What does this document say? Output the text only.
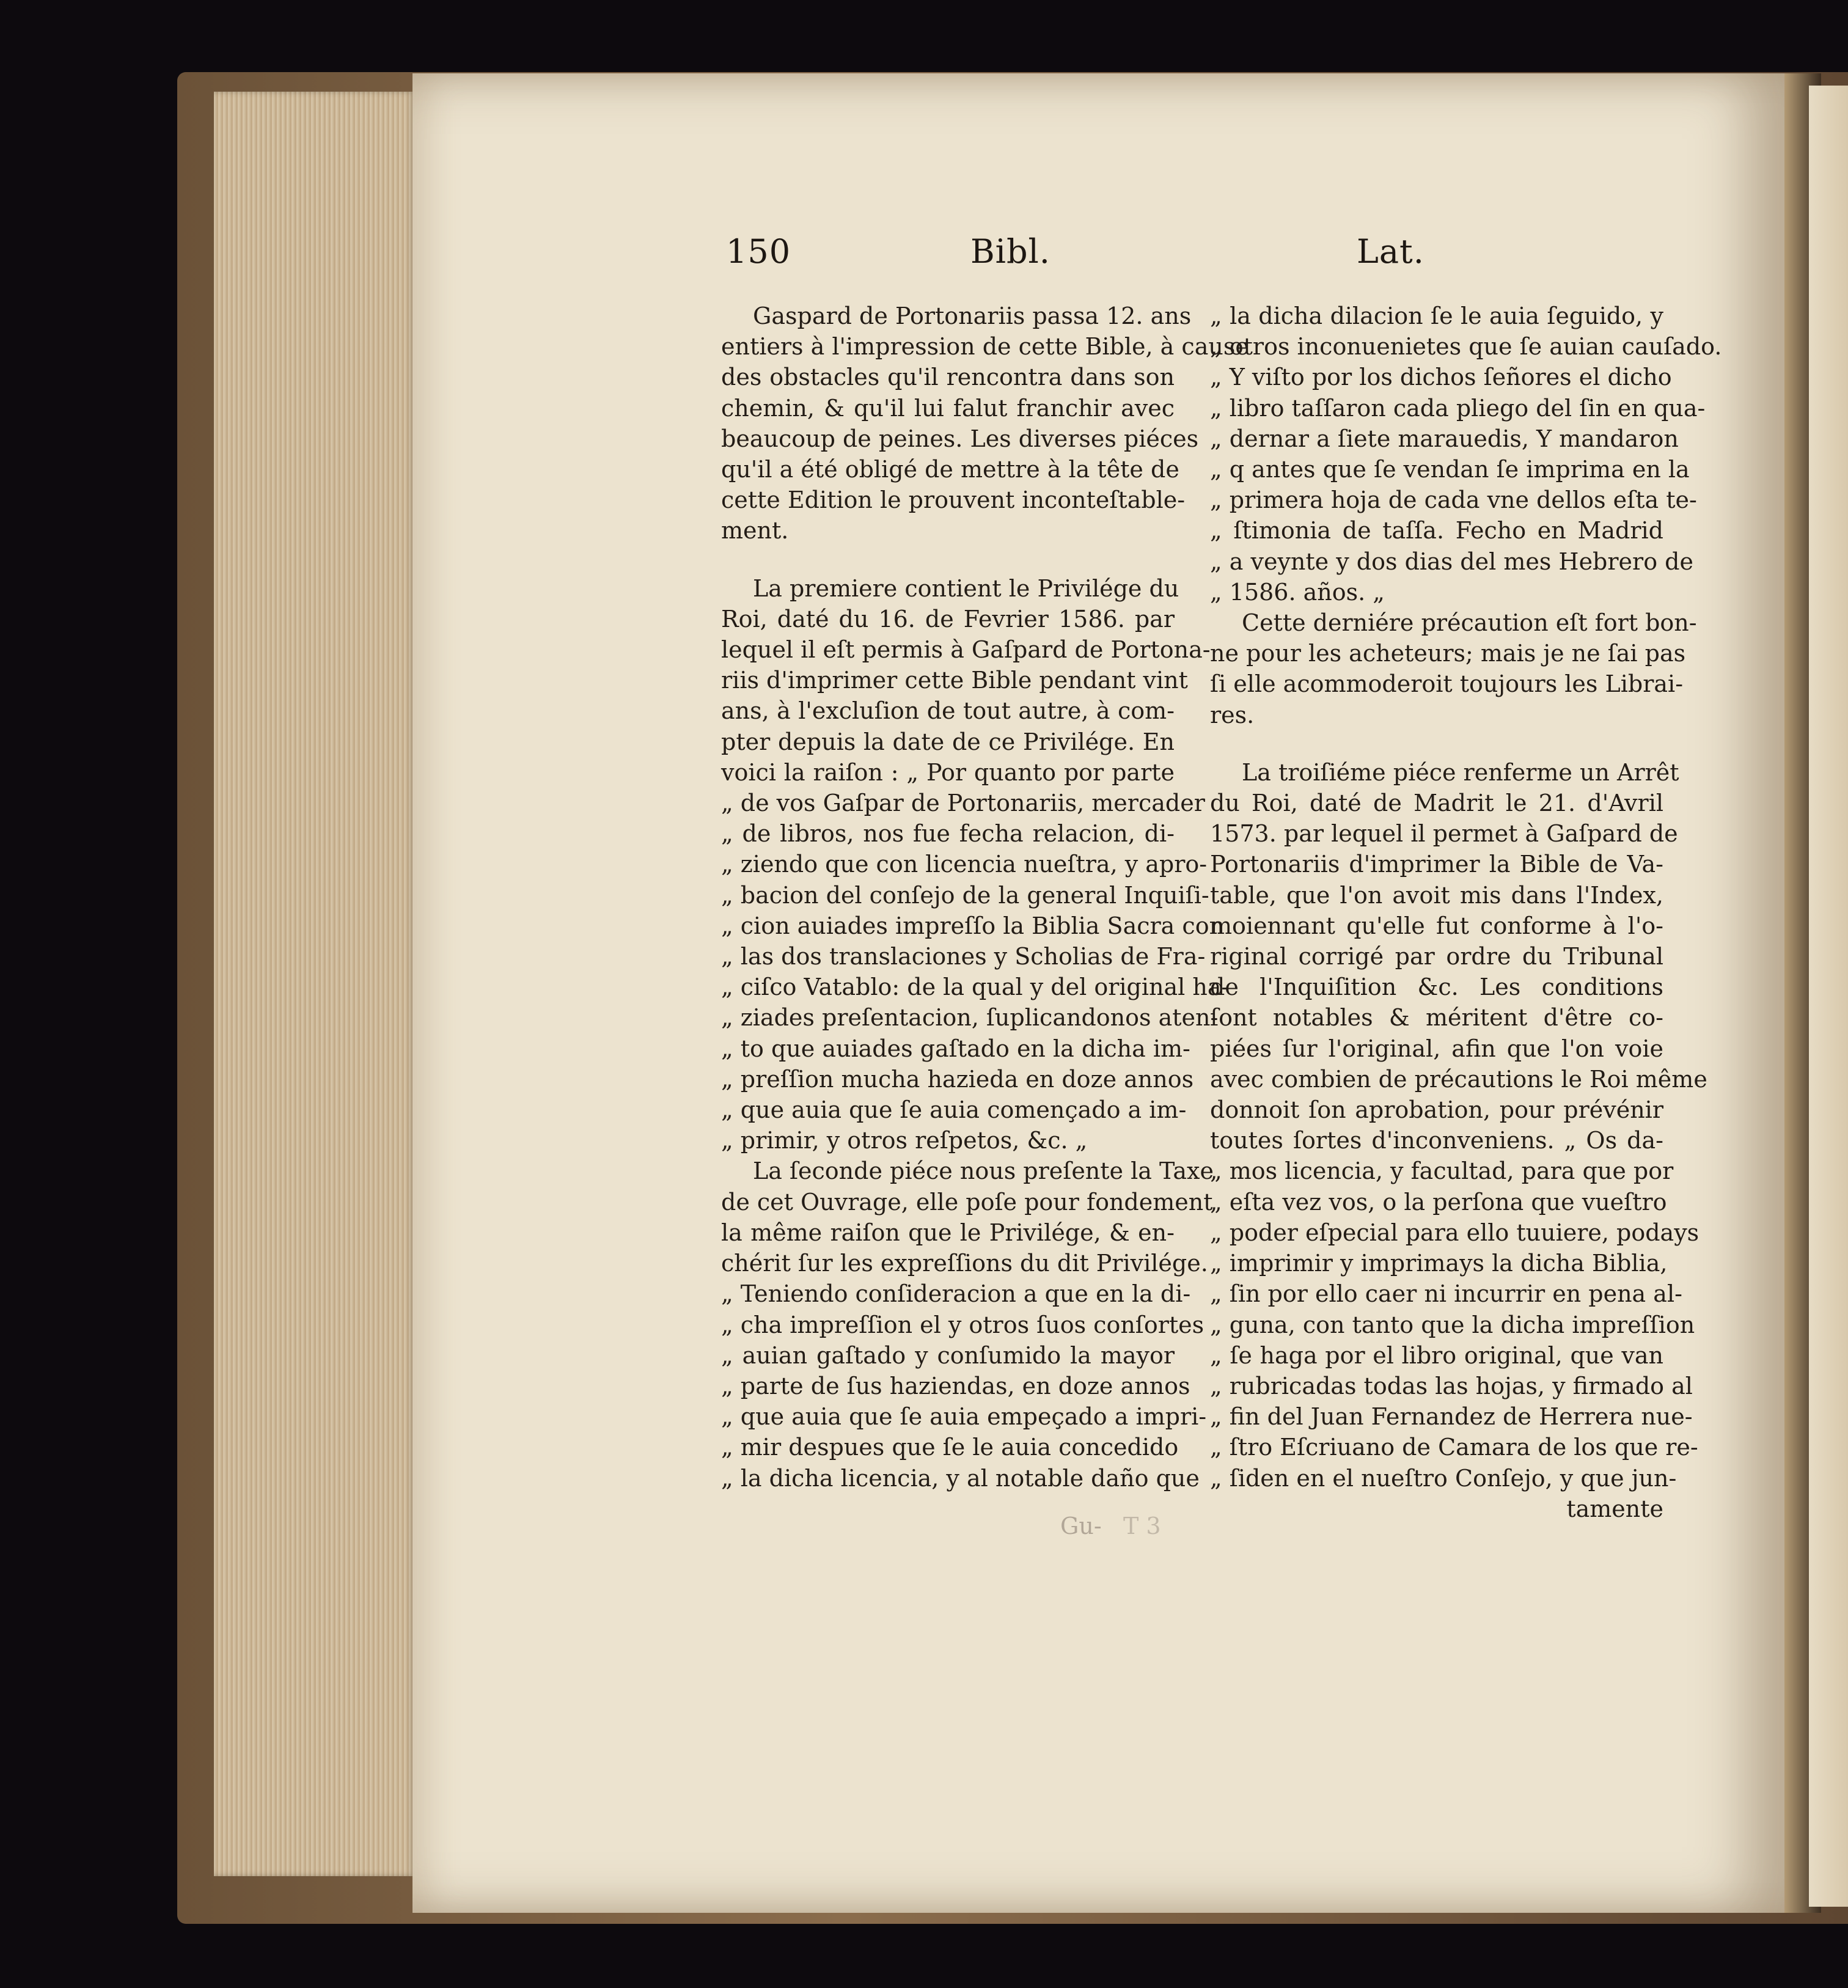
150	Bibl.	Lat.
Gaspard de Portonariis passa 12. ans
entiers à l'impression de cette Bible, à cause
des obstacles qu'il rencontra dans son
chemin, & qu'il lui falut franchir avec
beaucoup de peines. Les diverses piéces
qu'il a été obligé de mettre à la tête de
cette Edition le prouvent inconteſtable-
ment.
La premiere contient le Privilége du
Roi, daté du 16. de Fevrier 1586. par
lequel il eſt permis à Gaſpard de Portona-
riis d'imprimer cette Bible pendant vint
ans, à l'excluſion de tout autre, à com-
pter depuis la date de ce Privilége. En
voici la raiſon : „ Por quanto por parte
„ de vos Gaſpar de Portonariis, mercader
„ de libros, nos fue fecha relacion, di-
„ ziendo que con licencia nueſtra, y apro-
„ bacion del conſejo de la general Inquiſi-
„ cion auiades impreſſo la Biblia Sacra con
„ las dos translaciones y Scholias de Fra-
„ ciſco Vatablo: de la qual y del original ha-
„ ziades preſentacion, ſuplicandonos aten-
„ to que auiades gaſtado en la dicha im-
„ preſſion mucha hazieda en doze annos
„ que auia que ſe auia començado a im-
„ primir, y otros reſpetos, &c. „
La ſeconde piéce nous preſente la Taxe
de cet Ouvrage, elle poſe pour fondement
la même raiſon que le Privilége, & en-
chérit ſur les expreſſions du dit Privilége.
„ Teniendo conſideracion a que en la di-
„ cha impreſſion el y otros ſuos conſortes
„ auian gaſtado y conſumido la mayor
„ parte de ſus haziendas, en doze annos
„ que auia que ſe auia empeçado a impri-
„ mir despues que ſe le auia concedido
„ la dicha licencia, y al notable daño que
„ la dicha dilacion ſe le auia ſeguido, y
„ otros inconuenietes que ſe auian cauſado.
„ Y viſto por los dichos ſeñores el dicho
„ libro taſſaron cada pliego del ſin en qua-
„ dernar a ſiete marauedis, Y mandaron
„ q antes que ſe vendan ſe imprima en la
„ primera hoja de cada vne dellos eſta te-
„ ſtimonia de taſſa. Fecho en Madrid
„ a veynte y dos dias del mes Hebrero de
„ 1586. años. „
Cette derniére précaution eſt fort bon-
ne pour les acheteurs; mais je ne ſai pas
ſi elle acommoderoit toujours les Librai-
res.
La troiſiéme piéce renferme un Arrêt
du Roi, daté de Madrit le 21. d'Avril
1573. par lequel il permet à Gaſpard de
Portonariis d'imprimer la Bible de Va-
table, que l'on avoit mis dans l'Index,
moiennant qu'elle fut conforme à l'o-
riginal corrigé par ordre du Tribunal
de l'Inquiſition &c. Les conditions
ſont notables & méritent d'être co-
piées ſur l'original, afin que l'on voie
avec combien de précautions le Roi même
donnoit ſon aprobation, pour prévénir
toutes ſortes d'inconveniens. „ Os da-
„ mos licencia, y facultad, para que por
„ eſta vez vos, o la perſona que vueſtro
„ poder eſpecial para ello tuuiere, podays
„ imprimir y imprimays la dicha Biblia,
„ ſin por ello caer ni incurrir en pena al-
„ guna, con tanto que la dicha impreſſion
„ ſe haga por el libro original, que van
„ rubricadas todas las hojas, y firmado al
„ fin del Juan Fernandez de Herrera nue-
„ ſtro Eſcriuano de Camara de los que re-
„ ſiden en el nueſtro Conſejo, y que jun-
tamente
Gu- T 3
